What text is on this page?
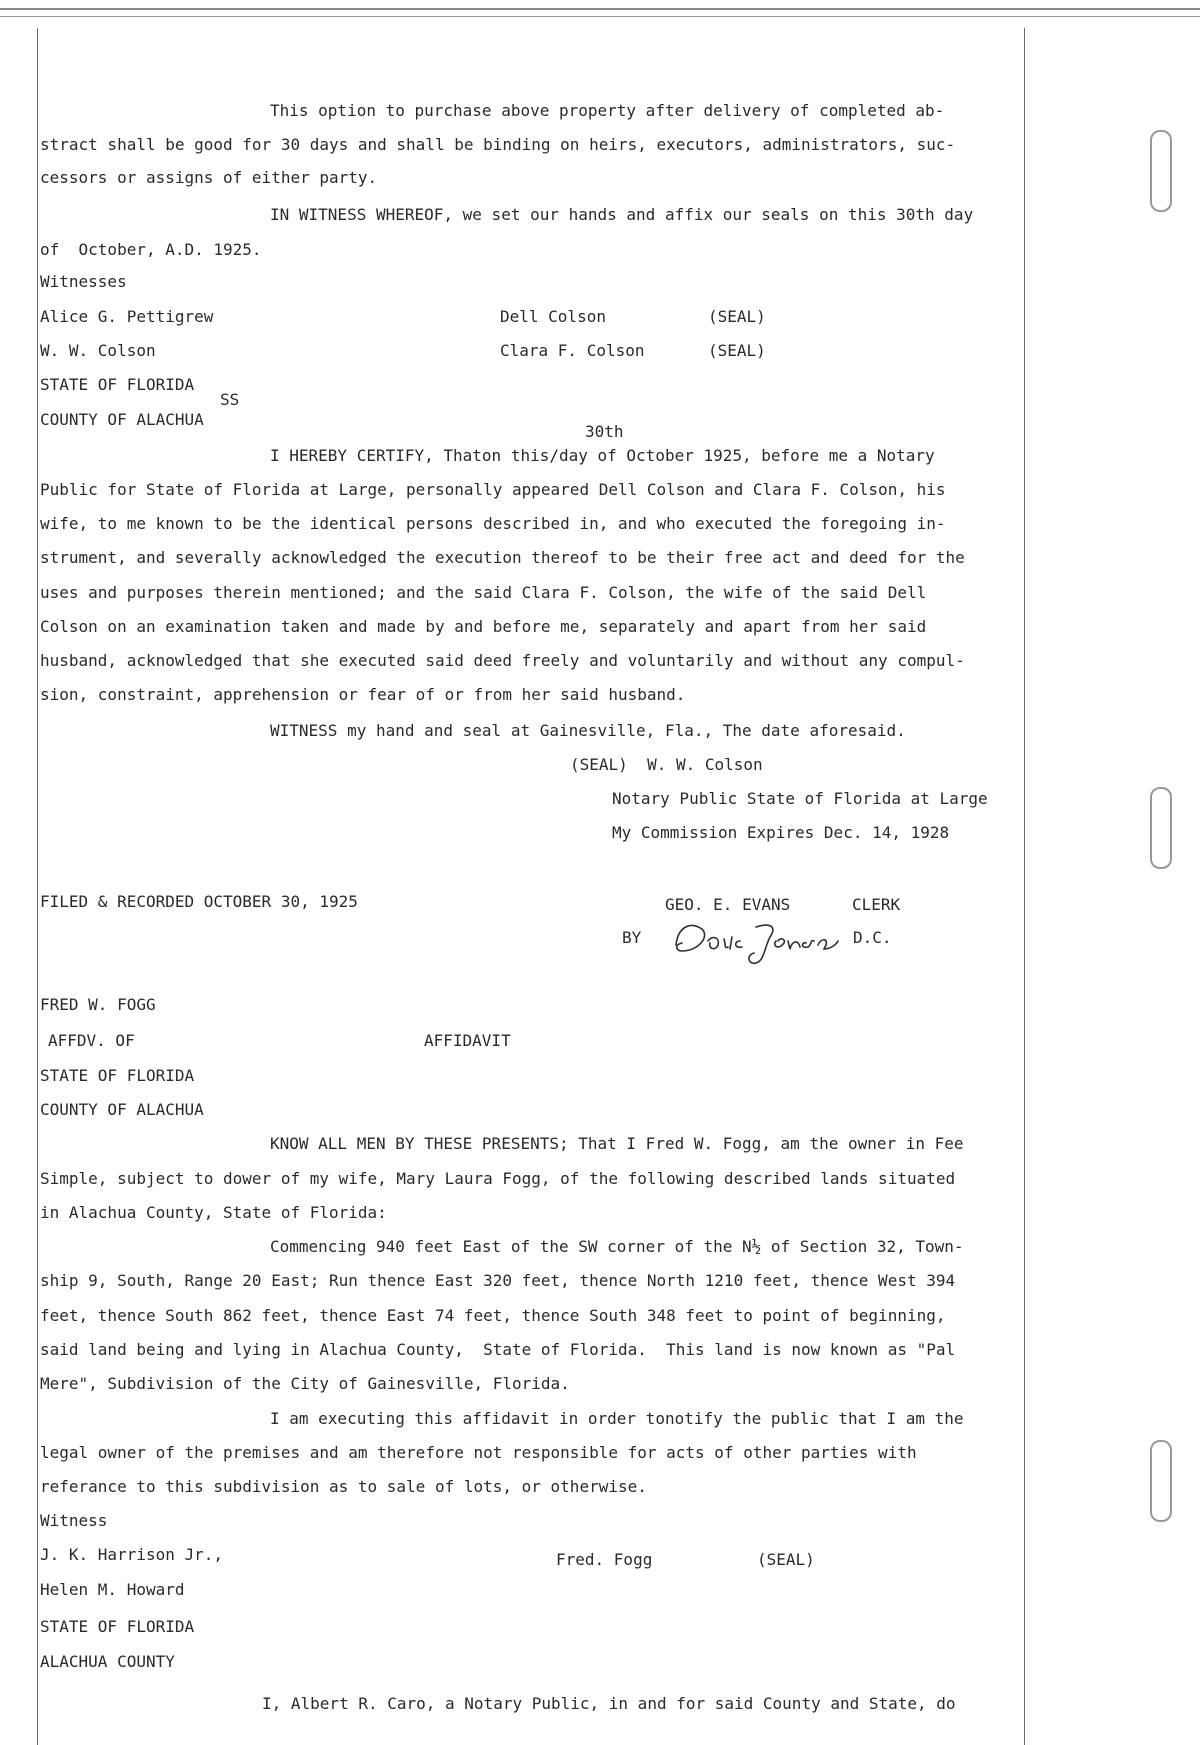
This option to purchase above property after delivery of completed ab-
stract shall be good for 30 days and shall be binding on heirs, executors, administrators, suc-
cessors or assigns of either party.
IN WITNESS WHEREOF, we set our hands and affix our seals on this 30th day
of  October, A.D. 1925.
Witnesses
Alice G. Pettigrew	Dell Colson	(SEAL)
W. W. Colson	Clara F. Colson	(SEAL)
STATE OF FLORIDA
SS
COUNTY OF ALACHUA
30th
I HEREBY CERTIFY, Thaton this/day of October 1925, before me a Notary
Public for State of Florida at Large, personally appeared Dell Colson and Clara F. Colson, his
wife, to me known to be the identical persons described in, and who executed the foregoing in-
strument, and severally acknowledged the execution thereof to be their free act and deed for the
uses and purposes therein mentioned; and the said Clara F. Colson, the wife of the said Dell
Colson on an examination taken and made by and before me, separately and apart from her said
husband, acknowledged that she executed said deed freely and voluntarily and without any compul-
sion, constraint, apprehension or fear of or from her said husband.
WITNESS my hand and seal at Gainesville, Fla., The date aforesaid.
(SEAL)  W. W. Colson
Notary Public State of Florida at Large
My Commission Expires Dec. 14, 1928
FILED & RECORDED OCTOBER 30, 1925	GEO. E. EVANS	CLERK
BY	D.C.
FRED W. FOGG
AFFDV. OF	AFFIDAVIT
STATE OF FLORIDA
COUNTY OF ALACHUA
KNOW ALL MEN BY THESE PRESENTS; That I Fred W. Fogg, am the owner in Fee
Simple, subject to dower of my wife, Mary Laura Fogg, of the following described lands situated
in Alachua County, State of Florida:
Commencing 940 feet East of the SW corner of the N½ of Section 32, Town-
ship 9, South, Range 20 East; Run thence East 320 feet, thence North 1210 feet, thence West 394
feet, thence South 862 feet, thence East 74 feet, thence South 348 feet to point of beginning,
said land being and lying in Alachua County,  State of Florida.  This land is now known as "Pal
Mere", Subdivision of the City of Gainesville, Florida.
I am executing this affidavit in order tonotify the public that I am the
legal owner of the premises and am therefore not responsible for acts of other parties with
referance to this subdivision as to sale of lots, or otherwise.
Witness
J. K. Harrison Jr.,	Fred. Fogg	(SEAL)
Helen M. Howard
STATE OF FLORIDA
ALACHUA COUNTY
I, Albert R. Caro, a Notary Public, in and for said County and State, do
